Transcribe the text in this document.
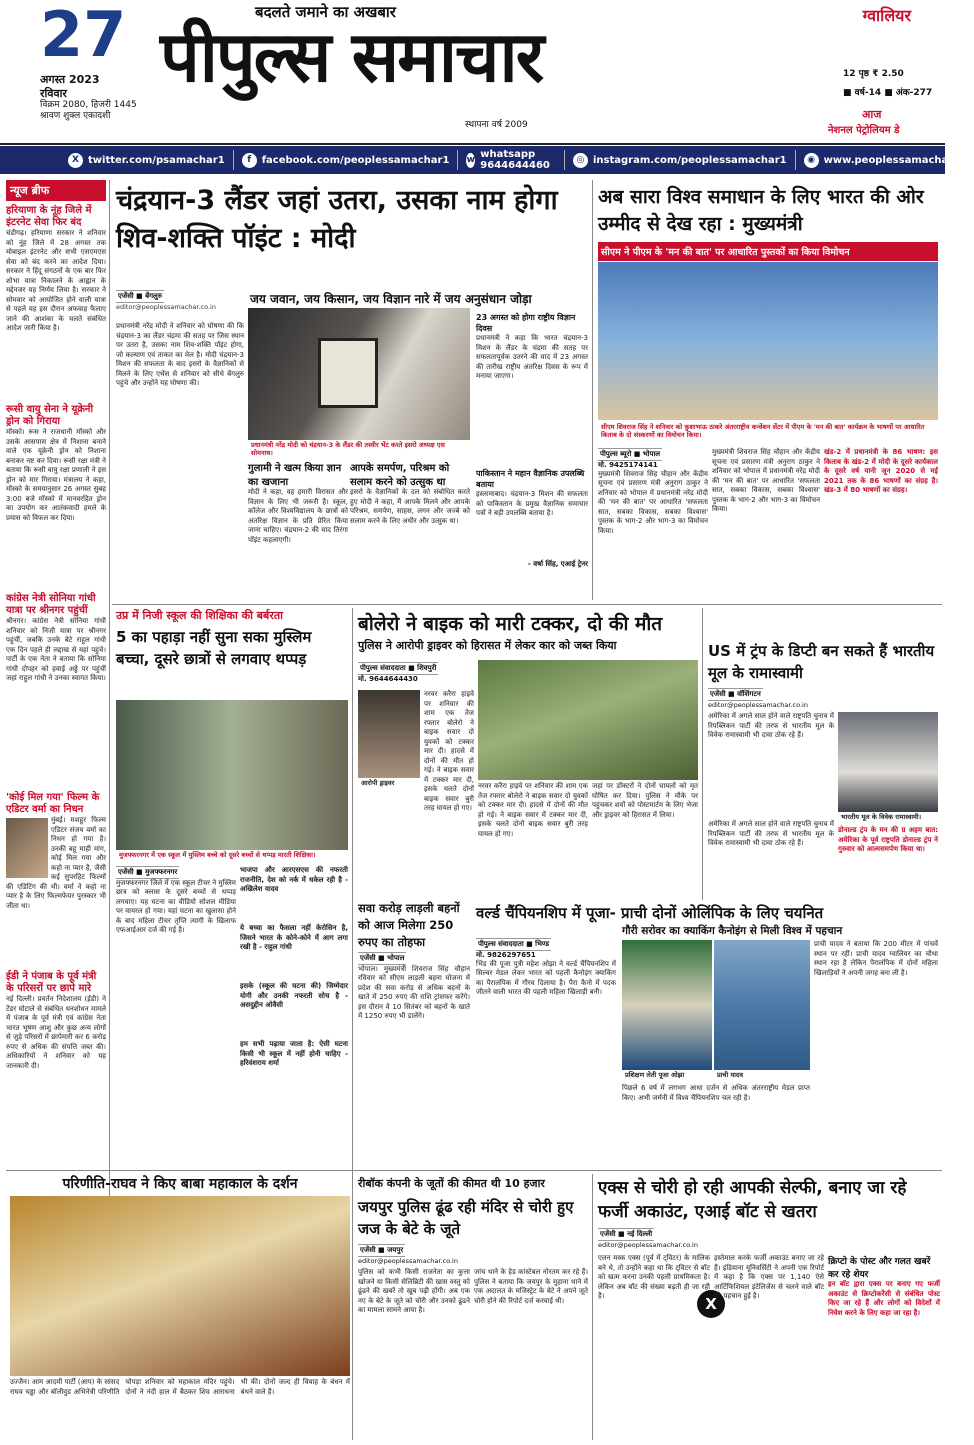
27
अगस्त 2023
रविवार
विक्रम 2080, हिजरी 1445
श्रावण शुक्ल एकादशी
बदलते जमाने का अखबार
पीपुल्स समाचार
स्थापना वर्ष 2009
ग्वालियर
12 पृष्ठ ₹ 2.50
■ वर्ष-14 ■ अंक-277
आज
नेशनल पेट्रोलियम डे
X twitter.com/psamachar1	f	facebook.com/peoplessamachar1 w whatsapp 9644644460
◎ instagram.com/peoplessamachar1	◉ www.peoplessamachar.in
न्यूज ब्रीफ
हरियाणा के नूंह जिले में इंटरनेट सेवा फिर बंद
चंडीगढ़। हरियाणा सरकार ने शनिवार को नूंह जिले में 28 अगस्त तक मोबाइल इंटरनेट और सभी एसएमएस सेवा को बंद करने का आदेश दिया। सरकार ने हिंदू संगठनों के एक बार फिर शोभा यात्रा निकालने के आह्वान के मद्देनजर यह निर्णय लिया है। सरकार ने सोमवार को आयोजित होने वाली यात्रा से पहले यह इस दौरान अफवाह फैलाए जाने की आशंका के चलते संबंधित आदेश जारी किया है।
रूसी वायु सेना ने यूक्रेनी ड्रोन को गिराया
मॉस्को। रूस ने राजधानी मॉस्को और उसके आसपास क्षेत्र में निशाना बनाने वाले एक यूक्रेनी ड्रोन को निशाना बनाकर नष्ट कर दिया। रूसी रक्षा मंत्री ने बताया कि रूसी वायु रक्षा प्रणाली ने इस ड्रोन को मार गिराया। मंत्रालय ने कहा, मॉस्को के समयानुसार 26 अगस्त सुबह 3:00 बजे मॉस्को में मानवरहित ड्रोन का उपयोग कर आतंकवादी हमले के प्रयास को विफल कर दिया।
कांग्रेस नेत्री सोनिया गांधी यात्रा पर श्रीनगर पहुंचीं
श्रीनगर। कांग्रेस नेत्री सोनिया गांधी शनिवार को निजी यात्रा पर श्रीनगर पहुंचीं, जबकि उनके बेटे राहुल गांधी एक दिन पहले ही लद्दाख से यहां पहुंचे। पार्टी के एक नेता ने बताया कि सोनिया गांधी दोपहर को हवाई अड्डे पर पहुंचीं जहां राहुल गांधी ने उनका स्वागत किया।
'कोई मिल गया' फिल्म के एडिटर वर्मा का निधन
मुंबई। मशहूर फिल्म एडिटर संजय वर्मा का निधन हो गया है। उनकी बहू माही मांग, कोई मिल गया और कहो ना प्यार है, जैसी कई सुपरहिट फिल्मों की एडिटिंग की थी। वर्मा ने कहो ना प्यार है के लिए फिल्मफेयर पुरस्कार भी जीता था।
ईडी ने पंजाब के पूर्व मंत्री के परिसरों पर छापे मारे
नई दिल्ली। प्रवर्तन निदेशालय (ईडी) ने टेंडर घोटाले से संबंधित धनशोधन मामले में पंजाब के पूर्व मंत्री एवं कांग्रेस नेता भारत भूषण आशु और कुछ अन्य लोगों से जुड़े परिसरों में छापेमारी कर 6 करोड़ रुपए से अधिक की संपत्ति जब्त की। अधिकारियों ने शनिवार को यह जानकारी दी।
चंद्रयान-3 लैंडर जहां उतरा, उसका नाम होगा शिव-शक्ति पॉइंट : मोदी
एजेंसी ■ बेंगलुरु
editor@peoplessamachar.co.in
जय जवान, जय किसान, जय विज्ञान नारे में जय अनुसंधान जोड़ा
प्रधानमंत्री नरेंद्र मोदी ने शनिवार को घोषणा की कि चंद्रयान-3 का लैंडर चंद्रमा की सतह पर जिस स्थान पर उतरा है, उसका नाम शिव-शक्ति पॉइंट होगा, जो कल्याण एवं ताकत का मेल है। मोदी चंद्रयान-3 मिशन की सफलता के बाद इसरो के वैज्ञानिकों से मिलने के लिए एथेंस से शनिवार को सीधे बेंगलुरु पहुंचे और उन्होंने यह घोषणा की।
प्रधानमंत्री नरेंद्र मोदी को चंद्रयान-3 के लैंडर की तस्वीर भेंट करते इसरो अध्यक्ष एस सोमनाथ।
गुलामी ने खत्म किया ज्ञान का खजाना
मोदी ने कहा, वह हमारी विरासत और विज्ञान के लिए भी जरूरी है। स्कूल, कॉलेज और विश्वविद्यालय के छात्रों को अंतरिक्ष विज्ञान के प्रति प्रेरित किया जाना चाहिए। चंद्रयान-2 की याद तिरंगा पॉइंट कहलाएगी।
आपके समर्पण, परिश्रम को सलाम करने को उत्सुक था
इसरो के वैज्ञानिकों के दल को संबोधित करते हुए मोदी ने कहा, मैं आपके मिलने और आपके परिश्रम, समर्पण, साहस, लगन और जज्बे को सलाम करने के लिए अधीर और उत्सुक था।
23 अगस्त को होगा राष्ट्रीय विज्ञान दिवस
प्रधानमंत्री ने कहा कि भारत चंद्रयान-3 मिशन के लैंडर के चंद्रमा की सतह पर सफलतापूर्वक उतरने की याद में 23 अगस्त की तारीख राष्ट्रीय अंतरिक्ष दिवस के रूप में मनाया जाएगा।
पाकिस्तान ने महान वैज्ञानिक उपलब्धि बताया
इस्लामाबाद। चंद्रयान-3 मिशन की सफलता को पाकिस्तान के प्रमुख वैज्ञानिक समाचार पत्रों ने बड़ी उपलब्धि बताया है।
- वर्षा सिंह, एआई ट्रेनर
अब सारा विश्व समाधान के लिए भारत की ओर उम्मीद से देख रहा : मुख्यमंत्री
सीएम ने पीएम के 'मन की बात' पर आधारित पुस्तकों का किया विमोचन
सीएम शिवराज सिंह ने शनिवार को कुशाभाऊ ठाकरे अंतरराष्ट्रीय कन्वेंशन सेंटर में पीएम के 'मन की बात' कार्यक्रम के भाषणों पर आधारित किताब के दो संस्करणों का विमोचन किया।
पीपुल्स ब्यूरो ■ भोपाल
मो. 9425174141
मुख्यमंत्री शिवराज सिंह चौहान और केंद्रीय सूचना एवं प्रसारण मंत्री अनुराग ठाकुर ने शनिवार को भोपाल में प्रधानमंत्री नरेंद्र मोदी की 'मन की बात' पर आधारित 'सफलता सात, सबका विकास, सबका विश्वास' पुस्तक के भाग-2 और भाग-3 का विमोचन किया।
मुख्यमंत्री शिवराज सिंह चौहान और केंद्रीय सूचना एवं प्रसारण मंत्री अनुराग ठाकुर ने शनिवार को भोपाल में प्रधानमंत्री नरेंद्र मोदी की 'मन की बात' पर आधारित 'सफलता सात, सबका विकास, सबका विश्वास' पुस्तक के भाग-2 और भाग-3 का विमोचन किया।
खंड-2 में प्रधानमंत्री के 86 भाषण: इस किताब के खंड-2 में मोदी के दूसरे कार्यकाल के दूसरे वर्ष यानी जून 2020 से मई 2021 तक के 86 भाषणों का संग्रह है। खंड-3 में 80 भाषणों का संग्रह।
उप्र में निजी स्कूल की शिक्षिका की बर्बरता
5 का पहाड़ा नहीं सुना सका मुस्लिम बच्चा, दूसरे छात्रों से लगवाए थप्पड़
मुजफ्फरनगर में एक स्कूल में मुस्लिम बच्चे को दूसरे बच्चों से थप्पड़ मारती शिक्षिका।
एजेंसी ■ मुजफ्फरनगर
मुजफ्फरनगर जिले में एक स्कूल टीचर ने मुस्लिम छात्र को क्लास के दूसरे बच्चों से थप्पड़ लगवाए। यह घटना का वीडियो सोशल मीडिया पर वायरल हो गया। यहां घटना का खुलासा होने के बाद महिला टीचर तृप्ति त्यागी के खिलाफ एफआईआर दर्ज की गई है।
भाजपा और आरएसएस की नफरती राजनीति, देश को नर्क में धकेल रही है - अखिलेश यादव
ये बच्चा का फैसला नहीं केरोसिन है, जिसने भारत के कोने-कोने में आग लगा रखी है - राहुल गांधी
इसके (स्कूल की घटना की) जिम्मेदार योगी और उनकी नफरती सोच है - असदुद्दीन ओवैसी
हम सभी पढ़ाया जाता है: ऐसी घटना किसी भी स्कूल में नहीं होनी चाहिए - हरिवंशराय शर्मा
बोलेरो ने बाइक को मारी टक्कर, दो की मौत
पुलिस ने आरोपी ड्राइवर को हिरासत में लेकर कार को जब्त किया
पीपुल्स संवाददाता ■ शिवपुरी
मो. 9644644430
आरोपी ड्राइवर
नरवर करैरा हाइवे पर शनिवार की शाम एक तेज रफ्तार बोलेरो ने बाइक सवार दो युवकों को टक्कर मार दी। हादसे में दोनों की मौत हो गई। ने बाइक सवार में टक्कर मार दी, इसके चलते दोनों बाइक सवार बुरी तरह घायल हो गए।
नरवर करैरा हाइवे पर शनिवार की शाम एक तेज रफ्तार बोलेरो ने बाइक सवार दो युवकों को टक्कर मार दी। हादसे में दोनों की मौत हो गई। ने बाइक सवार में टक्कर मार दी, इसके चलते दोनों बाइक सवार बुरी तरह घायल हो गए।
जहां पर डॉक्टरों ने दोनों घायलों को मृत घोषित कर दिया। पुलिस ने मौके पर पहुंचकर शवों को पोस्टमार्टम के लिए भेजा और ड्राइवर को हिरासत में लिया।
US में ट्रंप के डिप्टी बन सकते हैं भारतीय मूल के रामास्वामी
एजेंसी ■ वॉशिंगटन
editor@peoplessamachar.co.in
अमेरिका में अगले साल होने वाले राष्ट्रपति चुनाव में रिपब्लिकन पार्टी की तरफ से भारतीय मूल के विवेक रामास्वामी भी दावा ठोक रहे हैं।
भारतीय मूल के विवेक रामास्वामी।
डोनाल्ड ट्रंप के मन की ग्र अहम बात: अमेरिका के पूर्व राष्ट्रपति डोनाल्ड ट्रंप ने गुरुवार को आत्मसमर्पण किया था।
अमेरिका में अगले साल होने वाले राष्ट्रपति चुनाव में रिपब्लिकन पार्टी की तरफ से भारतीय मूल के विवेक रामास्वामी भी दावा ठोक रहे हैं।
सवा करोड़ लाड़ली बहनों को आज मिलेगा 250 रुपए का तोहफा
एजेंसी ■ भोपाल
भोपाल। मुख्यमंत्री शिवराज सिंह चौहान रविवार को सीएम लाड़ली बहना योजना में प्रदेश की सवा करोड़ से अधिक बहनों के खाते में 250 रुपए की राशि ट्रांसफर करेंगे। इस दौरान वे 10 सितंबर को बहनों के खाते में 1250 रुपए भी डालेंगे।
वर्ल्ड चैंपियनशिप में पूजा- प्राची दोनों ओलिंपिक के लिए चयनित
गौरी सरोवर का क्याकिंग कैनोइंग से मिली विश्व में पहचान
पीपुल्स संवाददाता ■ भिण्ड
मो. 9826297651
भिंड की पूजा पुत्री महेश ओझा ने वर्ल्ड चैंपियनशिप में सिल्वर मेडल लेकर भारत को पहली कैनोइंग क्याकिंग का पैरालंपिक में गौरव दिलाया है। पैरा कैनो में पदक जीतने वाली भारत की पहली महिला खिलाड़ी बनी।
प्रशिक्षण लेती पूजा ओझा	प्राची यादव
पिछले 6 वर्ष में लगभग आधा दर्जन से अधिक अंतरराष्ट्रीय मेडल प्राप्त किए। अभी जर्मनी में विश्व चैंपियनशिप चल रही है।
प्राची यादव ने बताया कि 200 मीटर में पांचवें स्थान पर रहीं। प्राची यादव ग्वालियर का चौथा स्थान रहा है लेकिन पैरालंपिक में दोनों महिला खिलाड़ियों ने अपनी जगह बना ली है।
परिणीति-राघव ने किए बाबा महाकाल के दर्शन
उज्जैन। आम आदमी पार्टी (आप) के सांसद राघव चड्ढा और बॉलीवुड अभिनेत्री परिणीति चोपड़ा शनिवार को महाकाल मंदिर पहुंचे। दोनों ने नंदी हाल में बैठकर शिव आराधना भी की। दोनों जल्द ही विवाह के बंधन में बंधने वाले हैं।
रीबॉक कंपनी के जूतों की कीमत थी 10 हजार
जयपुर पुलिस ढूंढ रही मंदिर से चोरी हुए जज के बेटे के जूते
एजेंसी ■ जयपुर
editor@peoplessamachar.co.in
पुलिस को कभी किसी राजनेता का कुत्ता खोजने या किसी सेलिब्रिटी की खास वस्तु को ढूंढने की खबरें तो खूब पढ़ी होंगी। अब एक नए के बेटे के जूते को चोरी और उनको ढूंढने का मामला सामने आया है।
जांच थाने के हेड कांस्टेबल नोरतम कर रहे हैं। पुलिस ने बताया कि जयपुर के मुहाना थाने में एक अदालत के मजिस्ट्रेट के बेटे ने अपने जूते चोरी होने की रिपोर्ट दर्ज करवाई थी।
एक्स से चोरी हो रही आपकी सेल्फी, बनाए जा रहे फर्जी अकाउंट, एआई बॉट से खतरा
एजेंसी ■ नई दिल्ली
editor@peoplessamachar.co.in
एलन मस्क एक्स (पूर्व में ट्विटर) के मालिक बने थे, तो उन्होंने कहा था कि ट्विटर से बॉट को खत्म करना उनकी पहली प्राथमिकता है। लेकिन अब बॉट की संख्या बढ़ती ही जा रही है।	X
इस्तेमाल करके फर्जी अकाउंट बनाए जा रहे हैं। इंडियाना यूनिवर्सिटी ने अपनी एक रिपोर्ट में कहा है कि एक्स पर 1,140 ऐसे आर्टिफिशियल इंटेलिजेंस से चलने वाले बॉट की पहचान हुई है।
क्रिप्टो के पोस्ट और गलत खबरें कर रहे शेयर
इन बॉट द्वारा एक्स पर बनाए गए फर्जी अकाउंट से क्रिप्टोकरेंसी से संबंधित पोस्ट किए जा रहे हैं और लोगों को विदेशों में निवेश करने के लिए कहा जा रहा है।
